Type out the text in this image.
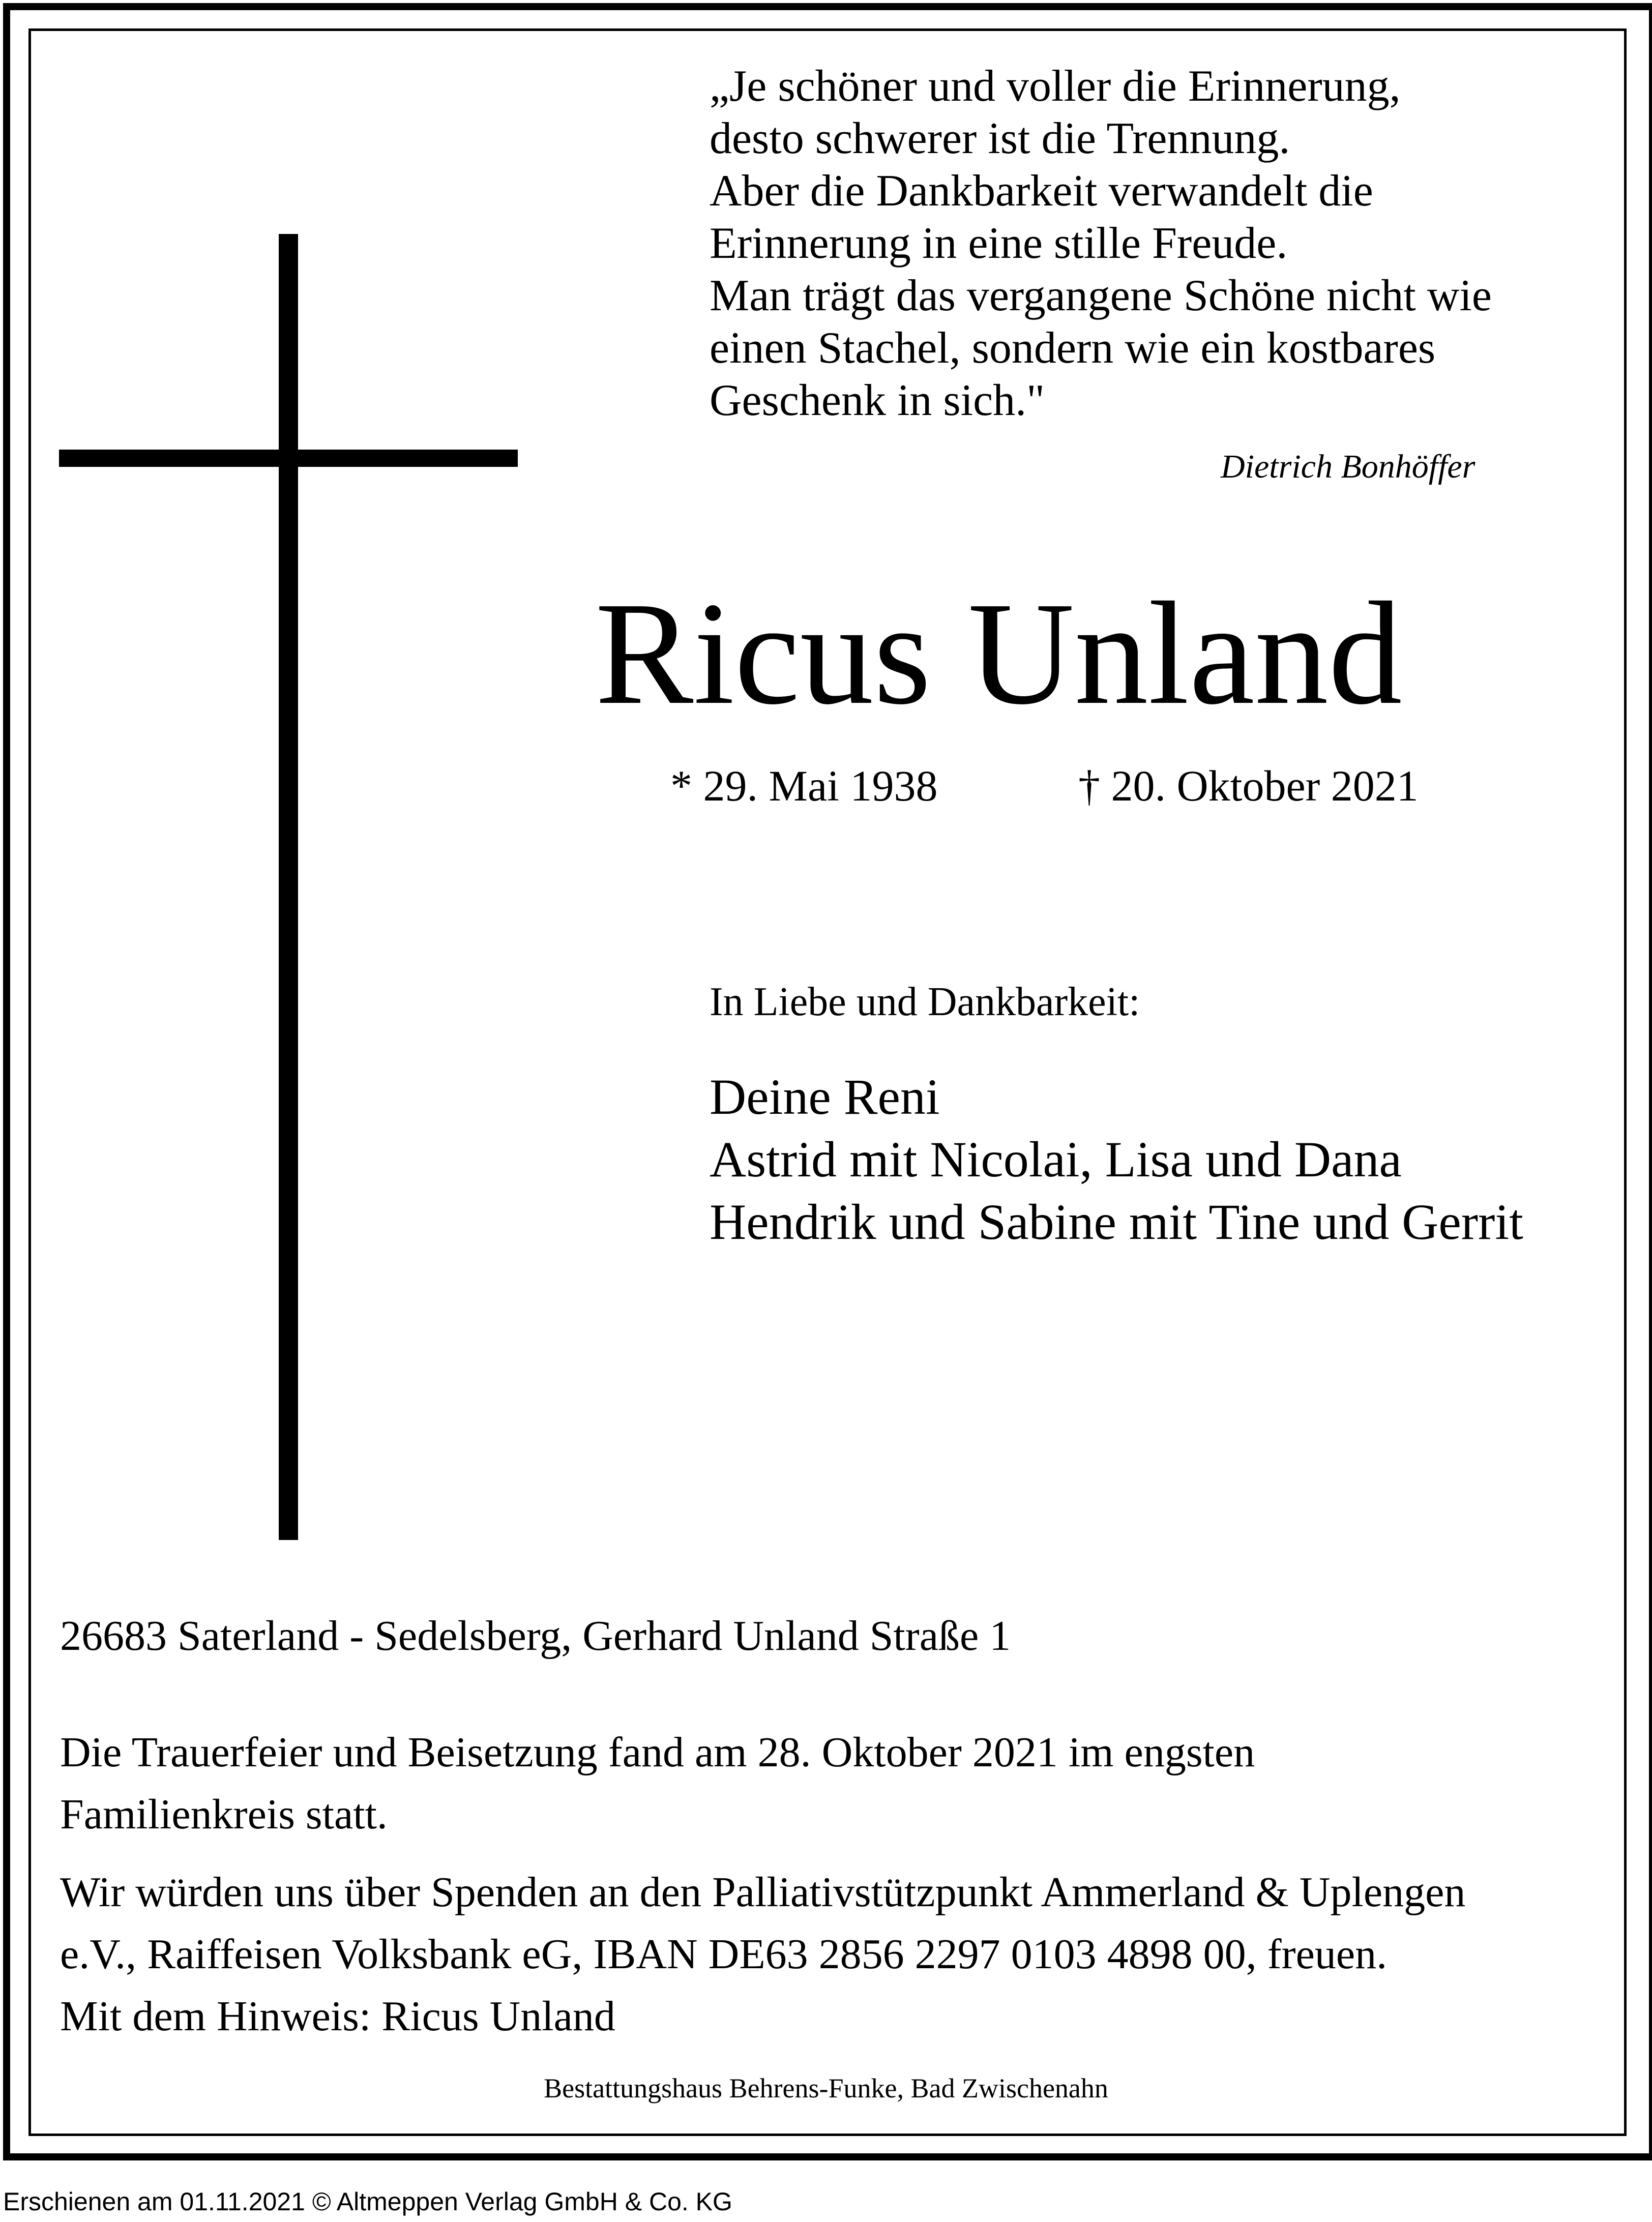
„Je schöner und voller die Erinnerung,
desto schwerer ist die Trennung.
Aber die Dankbarkeit verwandelt die
Erinnerung in eine stille Freude.
Man trägt das vergangene Schöne nicht wie
einen Stachel, sondern wie ein kostbares
Geschenk in sich."
Dietrich Bonhöffer
Ricus Unland
* 29. Mai 1938	† 20. Oktober 2021
In Liebe und Dankbarkeit:
Deine Reni
Astrid mit Nicolai, Lisa und Dana
Hendrik und Sabine mit Tine und Gerrit
26683 Saterland - Sedelsberg, Gerhard Unland Straße 1
Die Trauerfeier und Beisetzung fand am 28. Oktober 2021 im engsten
Familienkreis statt.
Wir würden uns über Spenden an den Palliativstützpunkt Ammerland & Uplengen
e.V., Raiffeisen Volksbank eG, IBAN DE63 2856 2297 0103 4898 00, freuen.
Mit dem Hinweis: Ricus Unland
Bestattungshaus Behrens-Funke, Bad Zwischenahn
Erschienen am 01.11.2021 © Altmeppen Verlag GmbH & Co. KG
